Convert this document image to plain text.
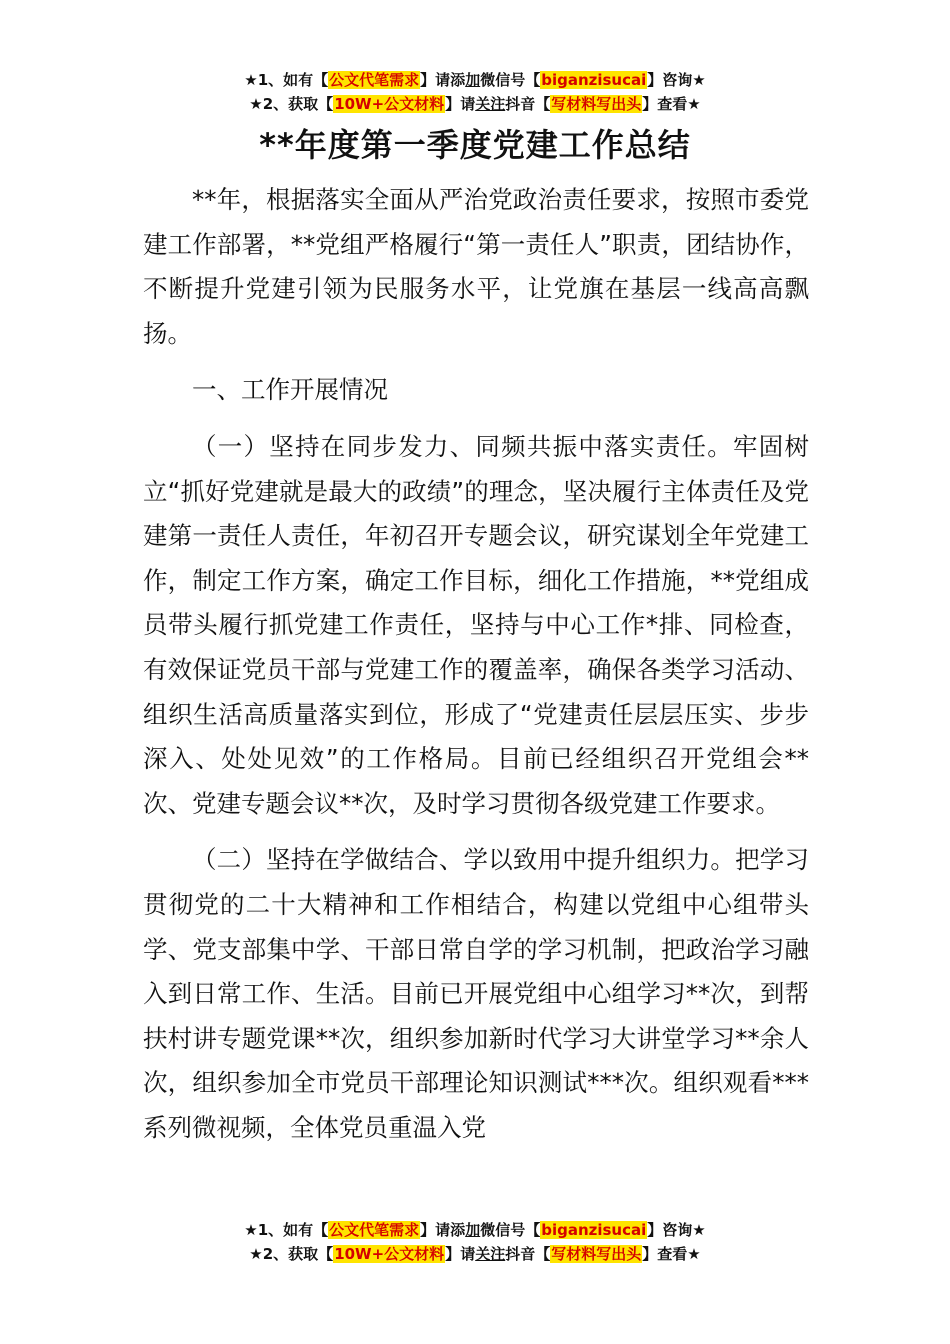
★1、如有【公文代笔需求】请添加微信号【biganzisucai】咨询★
★2、获取【10W+公文材料】请关注抖音【写材料写出头】查看★
**年度第一季度党建工作总结

**年，根据落实全面从严治党政治责任要求，按照市委党建工作部署，**党组严格履行“第一责任人”职责，团结协作，不断提升党建引领为民服务水平，让党旗在基层一线高高飘扬。

一、工作开展情况

（一）坚持在同步发力、同频共振中落实责任。牢固树立“抓好党建就是最大的政绩”的理念，坚决履行主体责任及党建第一责任人责任，年初召开专题会议，研究谋划全年党建工作，制定工作方案，确定工作目标，细化工作措施，**党组成员带头履行抓党建工作责任，坚持与中心工作*排、同检查，有效保证党员干部与党建工作的覆盖率，确保各类学习活动、组织生活高质量落实到位，形成了“党建责任层层压实、步步深入、处处见效”的工作格局。目前已经组织召开党组会**次、党建专题会议**次，及时学习贯彻各级党建工作要求。

（二）坚持在学做结合、学以致用中提升组织力。把学习贯彻党的二十大精神和工作相结合，构建以党组中心组带头学、党支部集中学、干部日常自学的学习机制，把政治学习融入到日常工作、生活。目前已开展党组中心组学习**次，到帮扶村讲专题党课**次，组织参加新时代学习大讲堂学习**余人次，组织参加全市党员干部理论知识测试***次。组织观看***系列微视频，全体党员重温入党

★1、如有【公文代笔需求】请添加微信号【biganzisucai】咨询★
★2、获取【10W+公文材料】请关注抖音【写材料写出头】查看★
